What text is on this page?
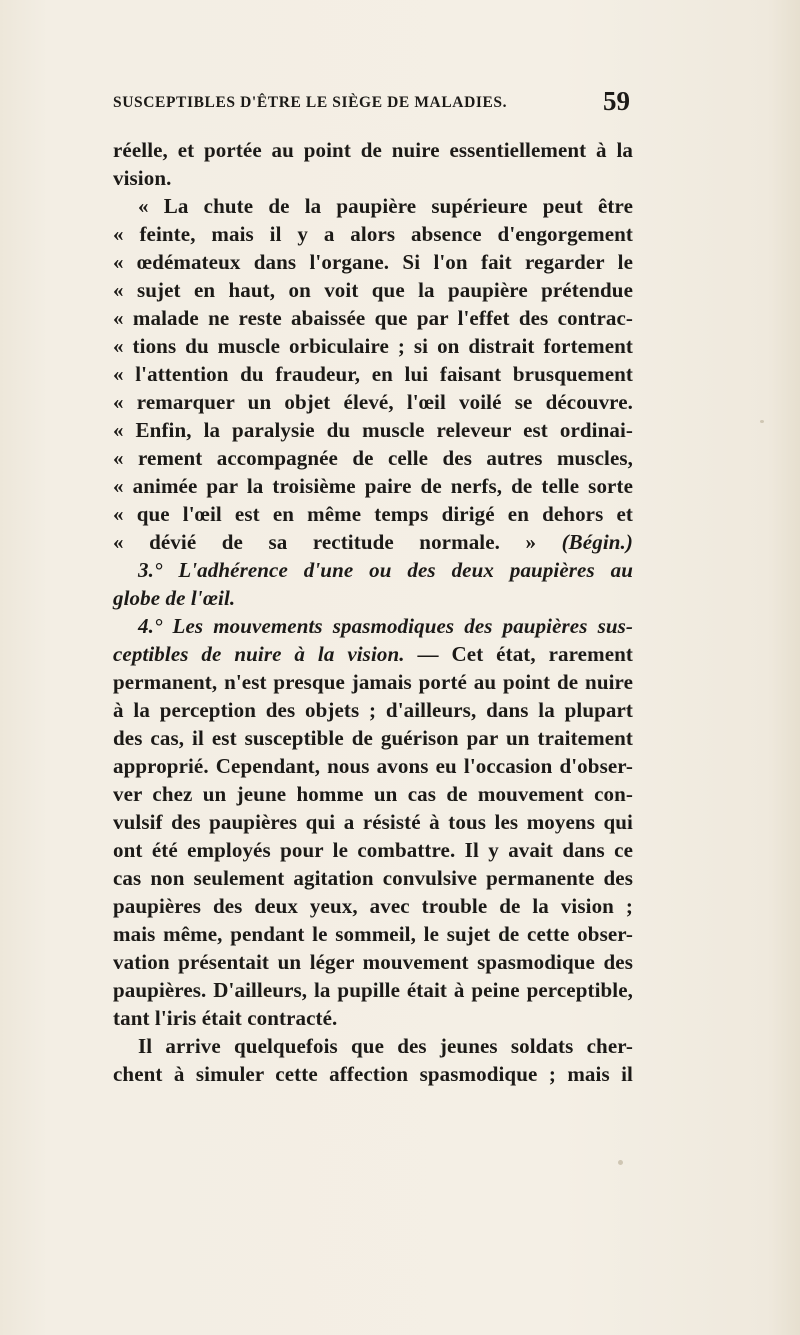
SUSCEPTIBLES D'ÊTRE LE SIÈGE DE MALADIES.	59
réelle, et portée au point de nuire essentiellement à la
vision.
« La chute de la paupière supérieure peut être
« feinte, mais il y a alors absence d'engorgement
« œdémateux dans l'organe. Si l'on fait regarder le
« sujet en haut, on voit que la paupière prétendue
« malade ne reste abaissée que par l'effet des contrac-
« tions du muscle orbiculaire ; si on distrait fortement
« l'attention du fraudeur, en lui faisant brusquement
« remarquer un objet élevé, l'œil voilé se découvre.
« Enfin, la paralysie du muscle releveur est ordinai-
« rement accompagnée de celle des autres muscles,
« animée par la troisième paire de nerfs, de telle sorte
« que l'œil est en même temps dirigé en dehors et
« dévié de sa rectitude normale. » (Bégin.)
3.° L'adhérence d'une ou des deux paupières au
globe de l'œil.
4.° Les mouvements spasmodiques des paupières sus-
ceptibles de nuire à la vision. — Cet état, rarement
permanent, n'est presque jamais porté au point de nuire
à la perception des objets ; d'ailleurs, dans la plupart
des cas, il est susceptible de guérison par un traitement
approprié. Cependant, nous avons eu l'occasion d'obser-
ver chez un jeune homme un cas de mouvement con-
vulsif des paupières qui a résisté à tous les moyens qui
ont été employés pour le combattre. Il y avait dans ce
cas non seulement agitation convulsive permanente des
paupières des deux yeux, avec trouble de la vision ;
mais même, pendant le sommeil, le sujet de cette obser-
vation présentait un léger mouvement spasmodique des
paupières. D'ailleurs, la pupille était à peine perceptible,
tant l'iris était contracté.
Il arrive quelquefois que des jeunes soldats cher-
chent à simuler cette affection spasmodique ; mais il
